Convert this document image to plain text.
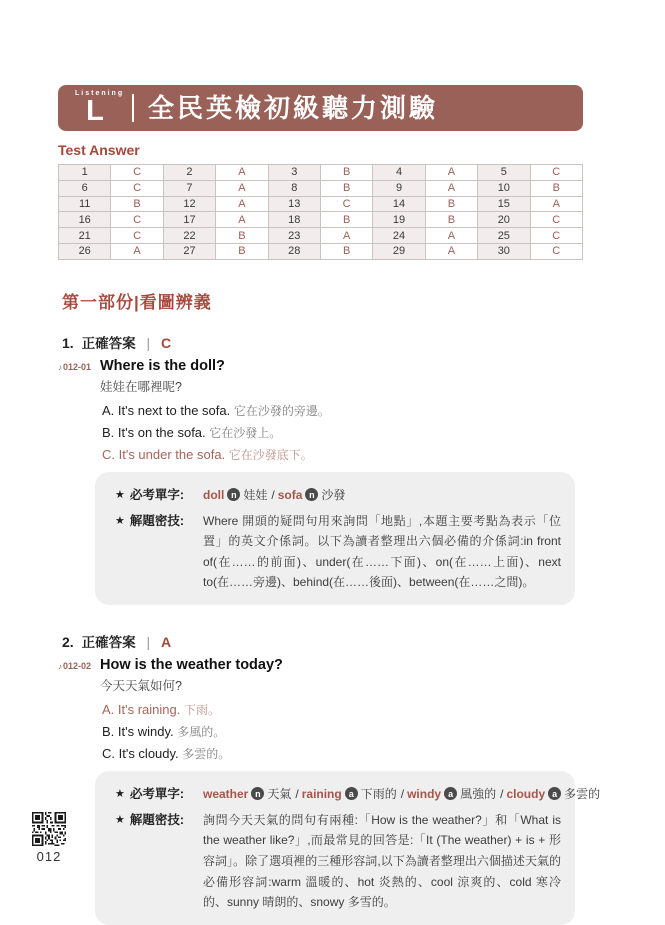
Listening
L	全民英檢初級聽力測驗
Test Answer
1	C	2	A	3	B	4	A	5	C
6	C	7	A	8	B	9	A	10	B
11	B	12	A	13	C	14	B	15	A
16	C	17	A	18	B	19	B	20	C
21	C	22	B	23	A	24	A	25	C
26	A	27	B	28	B	29	A	30	C
第一部份|看圖辨義
1. 正確答案 | C
♪012-01 Where is the doll?
娃娃在哪裡呢?
A. It's next to the sofa. 它在沙發的旁邊。
B. It's on the sofa. 它在沙發上。
C. It's under the sofa. 它在沙發底下。
★ 必考單字: doll n 娃娃 / sofa n 沙發
★ 解題密技: Where 開頭的疑問句用來詢問「地點」,本題主要考點為表示「位置」的英文介係詞。以下為讀者整理出六個必備的介係詞:in front of(在……的前面)、under(在……下面)、on(在……上面)、next to(在……旁邊)、behind(在……後面)、between(在……之間)。
2. 正確答案 | A
♪012-02 How is the weather today?
今天天氣如何?
A. It's raining. 下雨。
B. It's windy. 多風的。
C. It's cloudy. 多雲的。
★ 必考單字: weather n 天氣 / raining a 下雨的 / windy a 風強的 / cloudy a 多雲的
★ 解題密技: 詢問今天天氣的問句有兩種:「How is the weather?」和「What is the weather like?」,而最常見的回答是:「It (The weather) + is + 形容詞」。除了選項裡的三種形容詞,以下為讀者整理出六個描述天氣的必備形容詞:warm 溫暖的、hot 炎熱的、cool 涼爽的、cold 寒冷的、sunny 晴朗的、snowy 多雪的。
012
